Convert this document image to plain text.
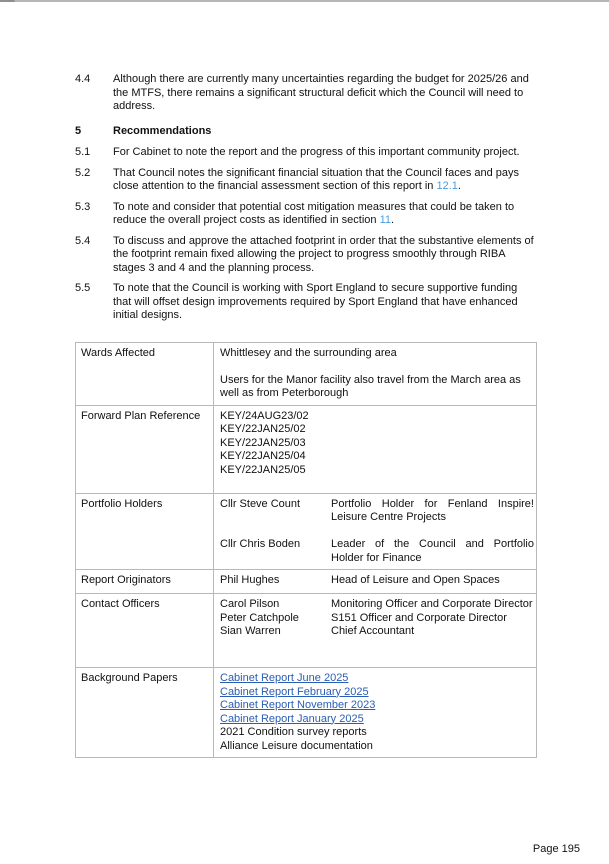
4.4	Although there are currently many uncertainties regarding the budget for 2025/26 and the MTFS, there remains a significant structural deficit which the Council will need to address.
5	Recommendations
5.1	For Cabinet to note the report and the progress of this important community project.
5.2	That Council notes the significant financial situation that the Council faces and pays close attention to the financial assessment section of this report in 12.1.
5.3	To note and consider that potential cost mitigation measures that could be taken to reduce the overall project costs as identified in section 11.
5.4	To discuss and approve the attached footprint in order that the substantive elements of the footprint remain fixed allowing the project to progress smoothly through RIBA stages 3 and 4 and the planning process.
5.5	To note that the Council is working with Sport England to secure supportive funding that will offset design improvements required by Sport England that have enhanced initial designs.
Wards Affected	Whittlesey and the surrounding area
Users for the Manor facility also travel from the March area as well as from Peterborough
Forward Plan Reference	KEY/24AUG23/02
KEY/22JAN25/02
KEY/22JAN25/03
KEY/22JAN25/04
KEY/22JAN25/05
Portfolio Holders	Cllr Steve Count	Portfolio Holder for Fenland Inspire! Leisure Centre Projects
Cllr Chris Boden	Leader of the Council and Portfolio Holder for Finance
Report Originators	Phil Hughes	Head of Leisure and Open Spaces
Contact Officers	Carol Pilson	Monitoring Officer and Corporate Director
Peter Catchpole	S151 Officer and Corporate Director
Sian Warren	Chief Accountant
Background Papers	Cabinet Report June 2025
Cabinet Report February 2025
Cabinet Report November 2023
Cabinet Report January 2025
2021 Condition survey reports
Alliance Leisure documentation
Page 195
